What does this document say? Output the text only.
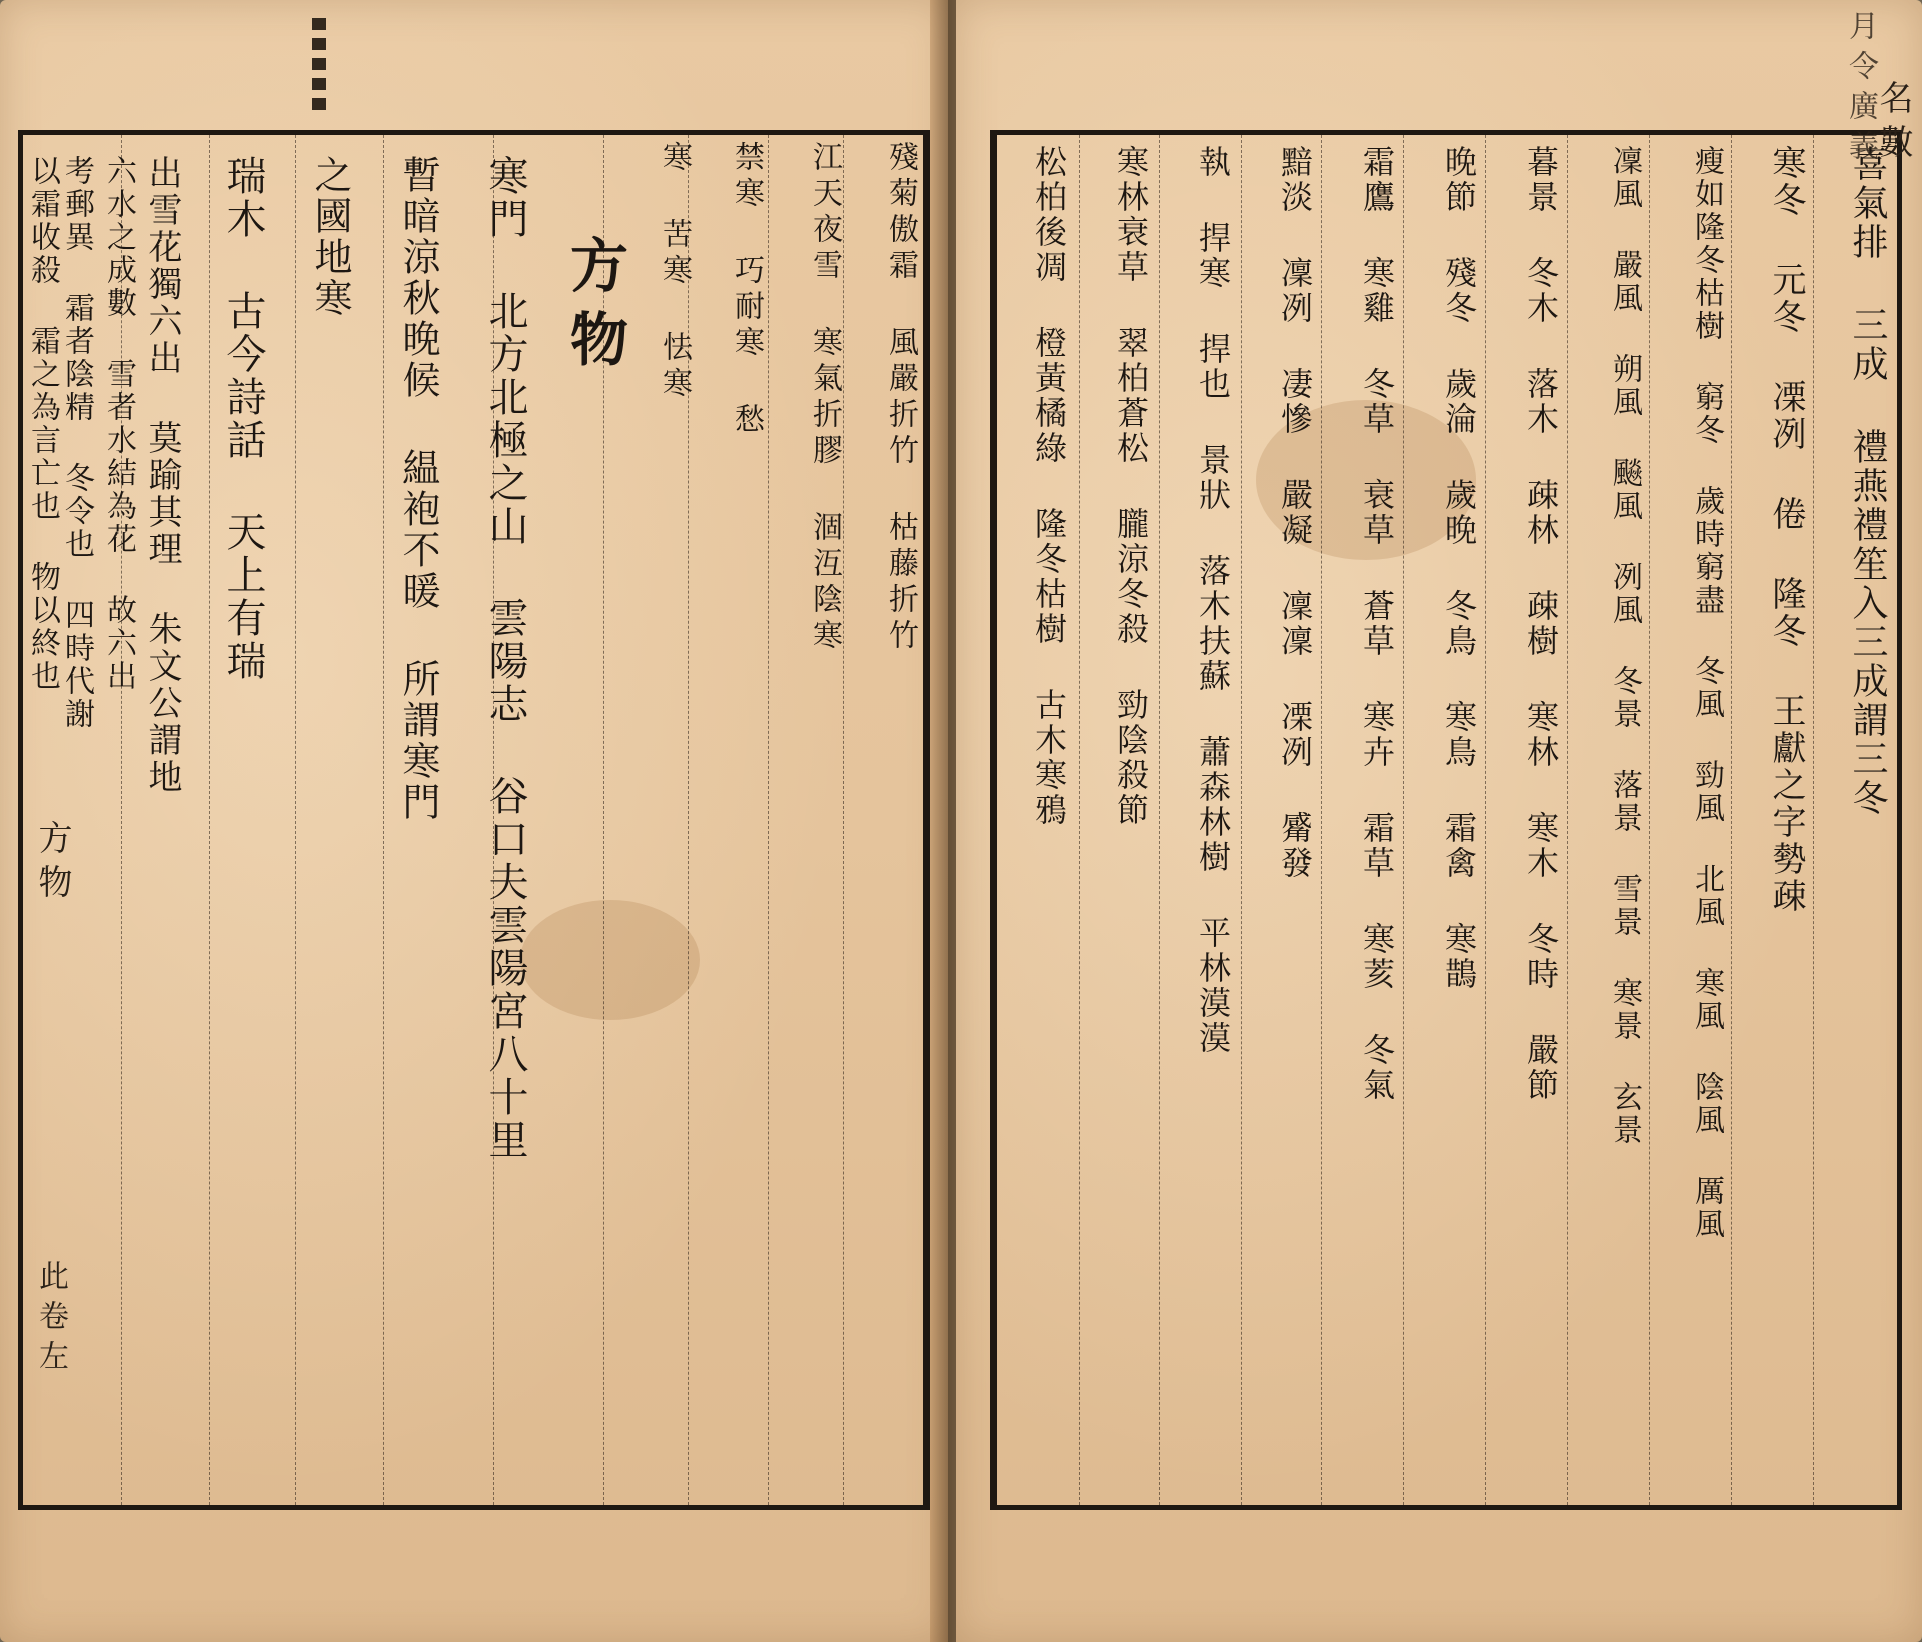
寒門 北方北極之山 雲陽志 谷口夫雲陽宮八十里
暫暗涼秋晚候 緼袍不暖 所謂寒門
之國地寒
瑞木 古今詩話 天上有瑞
出雪花獨六出 莫踰其理 朱文公謂地
六水之成數 雪者水結為花 故六出
考郵異 霜者陰精 冬令也 四時代謝
以霜收殺 霜之為言亡也 物以終也	方物	殘菊傲霜 風嚴折竹 枯藤折竹
江天夜雪 寒氣折膠 涸沍陰寒
禁寒 巧耐寒 愁
寒 苦寒 怯寒
方物
此卷左
喜氣排 三成 禮燕禮笙入三成謂三冬
寒冬 元冬 凓冽 倦 隆冬 王獻之字勢疎
瘦如隆冬枯樹 窮冬 歲時窮盡 冬風 勁風 北風 寒風 陰風 厲風
凜風 嚴風 朔風 飈風 冽風 冬景 落景 雪景 寒景 玄景
暮景 冬木 落木 疎林 疎樹 寒林 寒木 冬時 嚴節
晚節 殘冬 歲淪 歲晚 冬鳥 寒鳥 霜禽 寒鵲
霜鷹 寒雞 冬草 衰草 蒼草 寒卉 霜草 寒荄 冬氣
黯淡 凜冽 凄慘 嚴凝 凜凜 凓冽 觱發
執 捍寒 捍也 景狀 落木扶蘇 蕭森林樹 平林漠漠
寒林衰草 翠柏蒼松 朧涼冬殺 勁陰殺節
松柏後凋 橙黃橘綠 隆冬枯樹 古木寒鴉
名數
月令廣義
